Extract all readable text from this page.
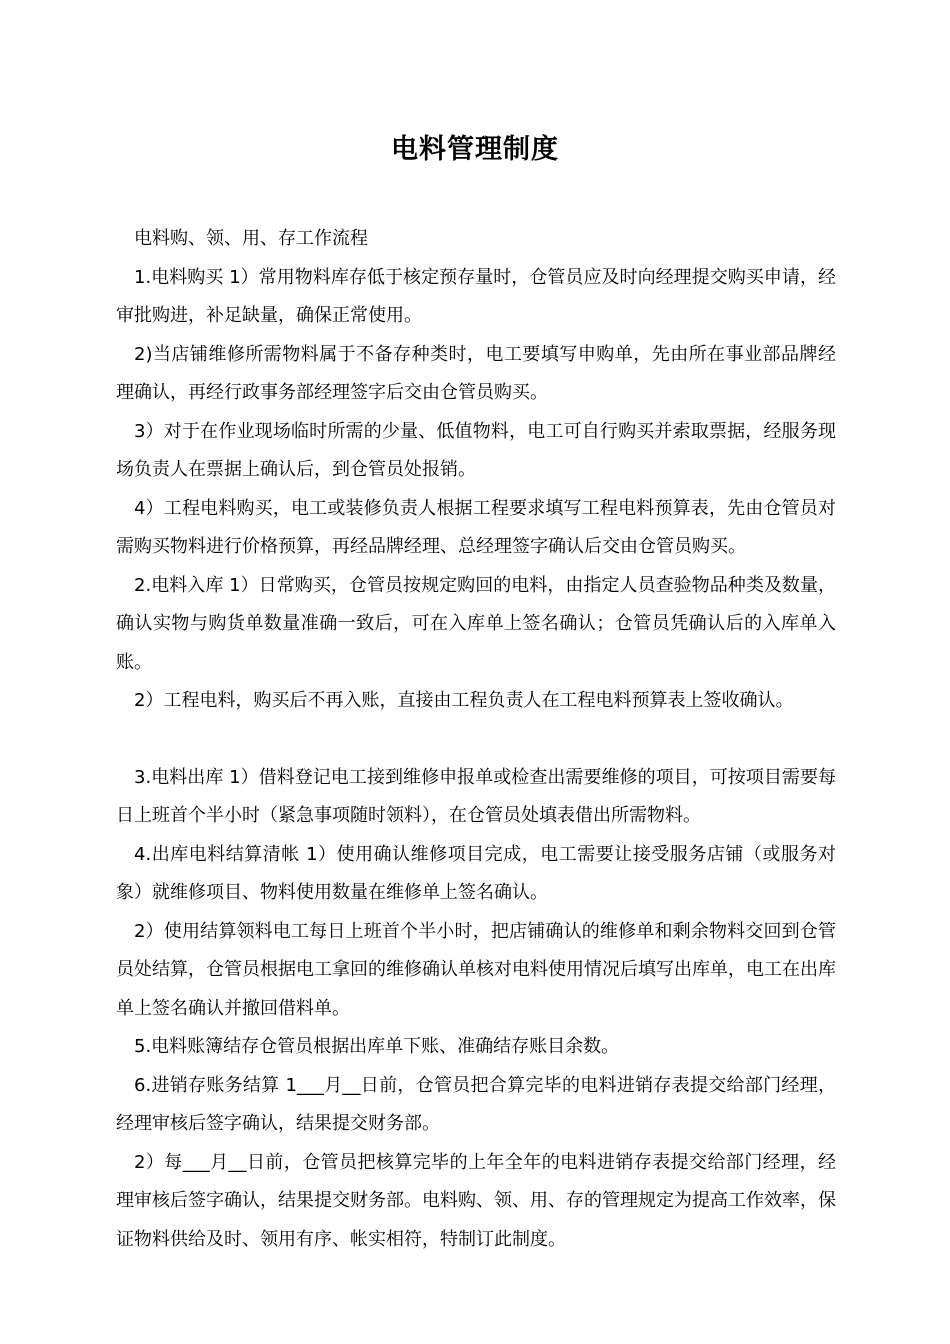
电料管理制度

电料购、领、用、存工作流程

1.电料购买 1）常用物料库存低于核定预存量时，仓管员应及时向经理提交购买申请，经审批购进，补足缺量，确保正常使用。

2)当店铺维修所需物料属于不备存种类时，电工要填写申购单，先由所在事业部品牌经理确认，再经行政事务部经理签字后交由仓管员购买。

3）对于在作业现场临时所需的少量、低值物料，电工可自行购买并索取票据，经服务现场负责人在票据上确认后，到仓管员处报销。

4）工程电料购买，电工或装修负责人根据工程要求填写工程电料预算表，先由仓管员对需购买物料进行价格预算，再经品牌经理、总经理签字确认后交由仓管员购买。

2.电料入库 1）日常购买，仓管员按规定购回的电料，由指定人员查验物品种类及数量，确认实物与购货单数量准确一致后，可在入库单上签名确认；仓管员凭确认后的入库单入账。

2）工程电料，购买后不再入账，直接由工程负责人在工程电料预算表上签收确认。

3.电料出库 1）借料登记电工接到维修申报单或检查出需要维修的项目，可按项目需要每日上班首个半小时（紧急事项随时领料），在仓管员处填表借出所需物料。

4.出库电料结算清帐 1）使用确认维修项目完成，电工需要让接受服务店铺（或服务对象）就维修项目、物料使用数量在维修单上签名确认。

2）使用结算领料电工每日上班首个半小时，把店铺确认的维修单和剩余物料交回到仓管员处结算，仓管员根据电工拿回的维修确认单核对电料使用情况后填写出库单，电工在出库单上签名确认并撤回借料单。

5.电料账簿结存仓管员根据出库单下账、准确结存账目余数。

6.进销存账务结算 1___月__日前，仓管员把合算完毕的电料进销存表提交给部门经理，经理审核后签字确认，结果提交财务部。

2）每___月__日前，仓管员把核算完毕的上年全年的电料进销存表提交给部门经理，经理审核后签字确认，结果提交财务部。电料购、领、用、存的管理规定为提高工作效率，保证物料供给及时、领用有序、帐实相符，特制订此制度。
